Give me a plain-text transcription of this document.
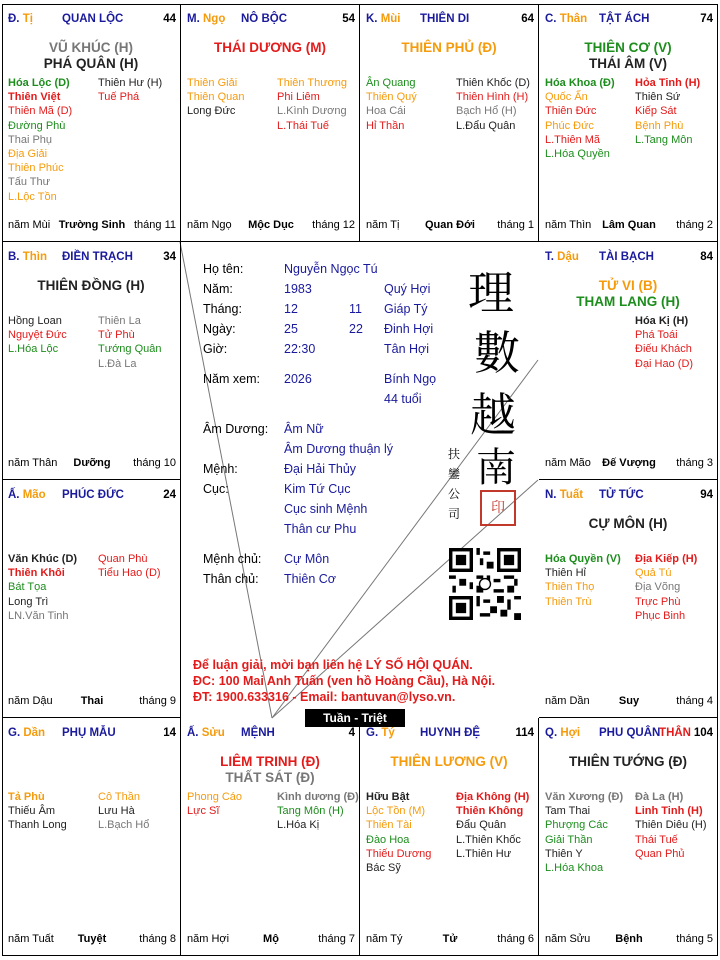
Đ. Tị	QUAN LỘC	44
VŨ KHÚC (H)
PHÁ QUÂN (H)
Hóa Lộc (D)
Thiên Việt
Thiên Mã (D)
Đường Phù
Thai Phụ
Địa Giải
Thiên Phúc
Tấu Thư
L.Lộc Tồn
Thiên Hư (H)
Tuế Phá
năm Mùi Trường Sinh tháng 11
M. Ngọ NÔ BỘC	54
THÁI DƯƠNG (M)
Thiên Giải
Thiên Quan
Long Đức
Thiên Thương
Phi Liêm
L.Kình Dương
L.Thái Tuế
năm Ngọ	Mộc Dục	tháng 12
K. Mùi THIÊN DI	64
THIÊN PHỦ (Đ)
Ân Quang
Thiên Quý
Hoa Cái
Hỉ Thần
Thiên Khốc (D)
Thiên Hình (H)
Bạch Hổ (H)
L.Đẩu Quân
năm Tị	Quan Đới	tháng 1
C. Thân TẬT ÁCH	74
THIÊN CƠ (V)
THÁI ÂM (V)
Hóa Khoa (Đ)
Quốc Ấn
Thiên Đức
Phúc Đức
L.Thiên Mã
L.Hóa Quyền
Hỏa Tinh (H)
Thiên Sứ
Kiếp Sát
Bệnh Phù
L.Tang Môn
năm Thìn Lâm Quan	tháng 2
B. Thìn ĐIỀN TRẠCH	34
THIÊN ĐỒNG (H)
Hồng Loan
Nguyệt Đức
L.Hóa Lộc
Thiên La
Tử Phù
Tướng Quân
L.Đà La
năm Thân	Dưỡng	tháng 10
T. Dậu TÀI BẠCH	84
TỬ VI (B)
THAM LANG (H)
Hóa Kị (H)
Phá Toái
Điếu Khách
Đại Hao (D)
năm Mão	Đế Vượng	tháng 3
Ấ. Mão PHÚC ĐỨC	24
Văn Khúc (D)
Thiên Khôi
Bát Tọa
Long Trì
LN.Văn Tinh
Quan Phù
Tiểu Hao (D)
năm Dậu	Thai	tháng 9
N. Tuất TỬ TỨC	94
CỰ MÔN (H)
Hóa Quyền (V)
Thiên Hỉ
Thiên Thọ
Thiên Trù
Địa Kiếp (H)
Quả Tú
Địa Võng
Trực Phù
Phục Binh
năm Dần	Suy	tháng 4
G. Dần PHỤ MẪU	14
Tả Phù
Thiếu Âm
Thanh Long
Cô Thần
Lưu Hà
L.Bạch Hổ
năm Tuất	Tuyệt	tháng 8
Ấ. Sửu MỆNH	4
LIÊM TRINH (Đ)
THẤT SÁT (Đ)
Phong Cáo
Lực Sĩ
Kình dương (Đ)
Tang Môn (H)
L.Hóa Kị
năm Hợi	Mộ	tháng 7
G. Tý HUYNH ĐỆ	114
THIÊN LƯƠNG (V)
Hữu Bật
Lộc Tồn (M)
Thiên Tài
Đào Hoa
Thiếu Dương
Bác Sỹ
Địa Không (H)
Thiên Không
Đẩu Quân
L.Thiên Khốc
L.Thiên Hư
năm Tý	Tử	tháng 6
Q. Hợi PHU QUÂN
THÂN 104
THIÊN TƯỚNG (Đ)
Văn Xương (Đ)
Tam Thai
Phượng Các
Giải Thần
Thiên Y
L.Hóa Khoa
Đà La (H)
Linh Tinh (H)
Thiên Diêu (H)
Thái Tuế
Quan Phủ
năm Sửu	Bệnh	tháng 5
Họ tên:	Nguyễn Ngọc Tú
Năm:	1983	Quý Hợi
Tháng:	12	11 Giáp Tý
Ngày:	25	22 Đinh Hợi
Giờ:	22:30	Tân Hợi
Năm xem: 2026	Bính Ngọ
44 tuổi
Âm Dương: Âm Nữ
Âm Dương thuận lý
Mệnh:	Đại Hải Thủy
Cục:	Kim Tứ Cục
Cục sinh Mệnh
Thân cư Phu
Mệnh chủ: Cự Môn
Thân chủ: Thiên Cơ
Để luận giải, mời bạn liên hệ LÝ SỐ HỘI QUÁN.
ĐC: 100 Mai Anh Tuấn (ven hồ Hoàng Cầu), Hà Nội.
ĐT: 1900.633316 - Email: bantuvan@lyso.vn.
理
數
越
南
印
扶
鑾
公
司
Tuần - Triệt
